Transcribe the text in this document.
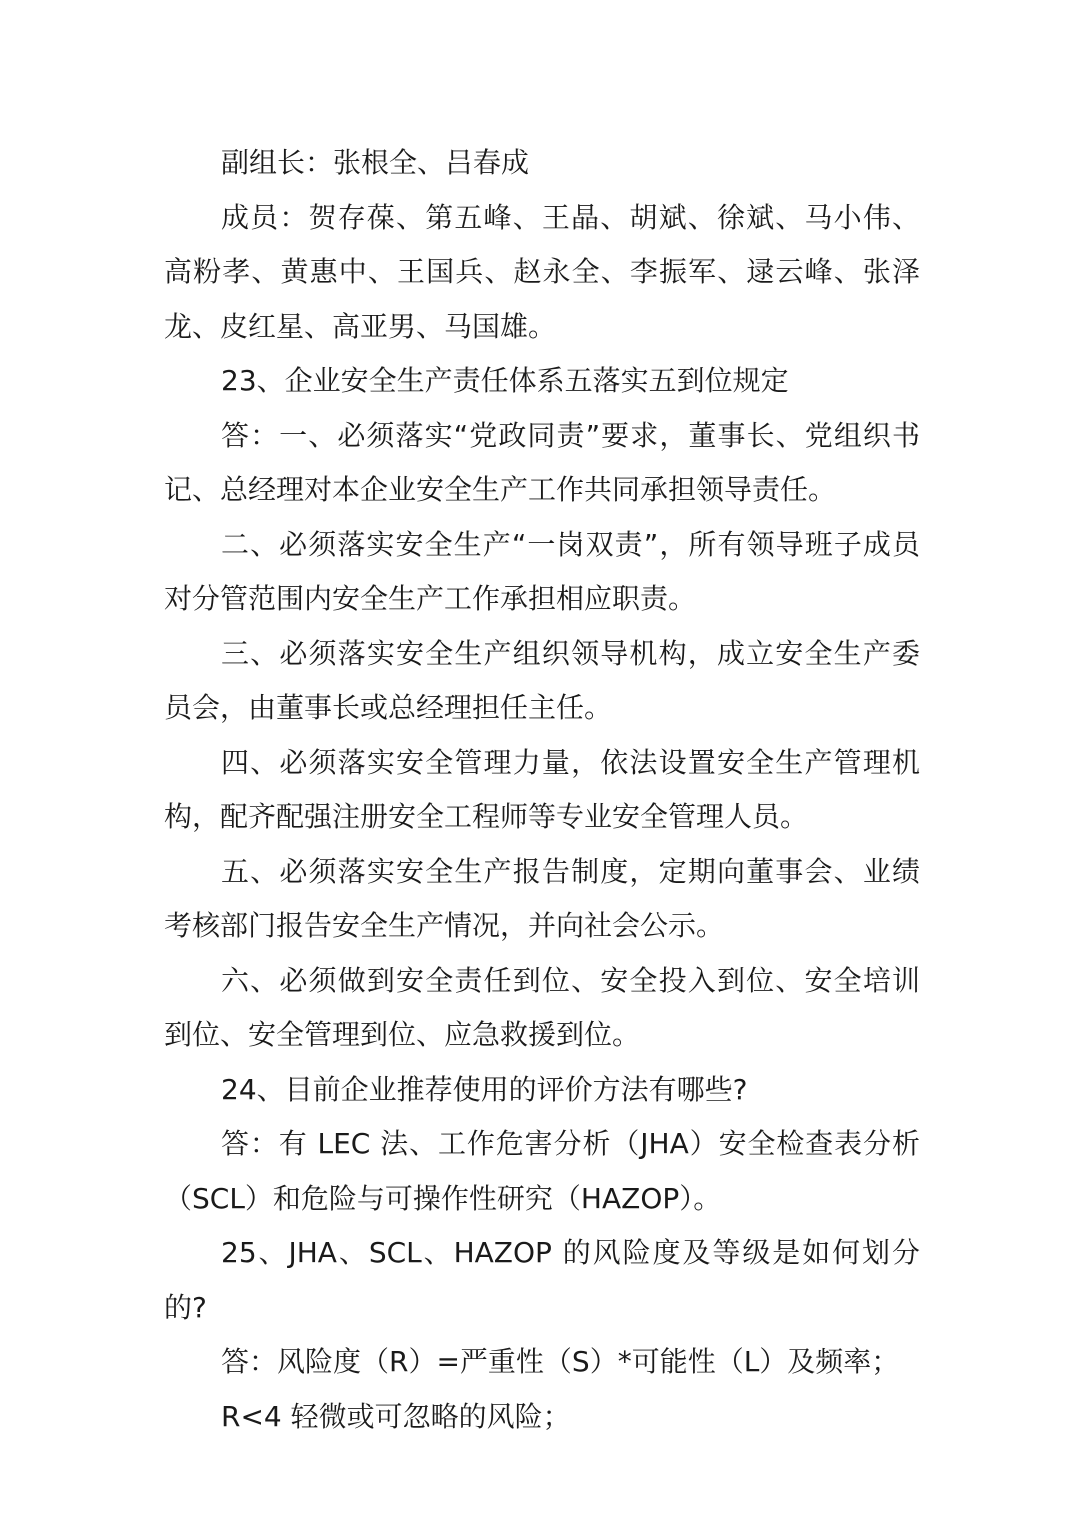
副组长：张根全、吕春成

成员：贺存葆、第五峰、王晶、胡斌、徐斌、马小伟、高粉孝、黄惠中、王国兵、赵永全、李振军、逯云峰、张泽龙、皮红星、高亚男、马国雄。

23、企业安全生产责任体系五落实五到位规定

答：一、必须落实“党政同责”要求，董事长、党组织书记、总经理对本企业安全生产工作共同承担领导责任。

二、必须落实安全生产“一岗双责”，所有领导班子成员对分管范围内安全生产工作承担相应职责。

三、必须落实安全生产组织领导机构，成立安全生产委员会，由董事长或总经理担任主任。

四、必须落实安全管理力量，依法设置安全生产管理机构，配齐配强注册安全工程师等专业安全管理人员。

五、必须落实安全生产报告制度，定期向董事会、业绩考核部门报告安全生产情况，并向社会公示。

六、必须做到安全责任到位、安全投入到位、安全培训到位、安全管理到位、应急救援到位。

24、目前企业推荐使用的评价方法有哪些?

答：有 LEC 法、工作危害分析（JHA）安全检查表分析（SCL）和危险与可操作性研究（HAZOP）。

25、JHA、SCL、HAZOP 的风险度及等级是如何划分的?

答：风险度（R）=严重性（S）*可能性（L）及频率；

R<4 轻微或可忽略的风险；
